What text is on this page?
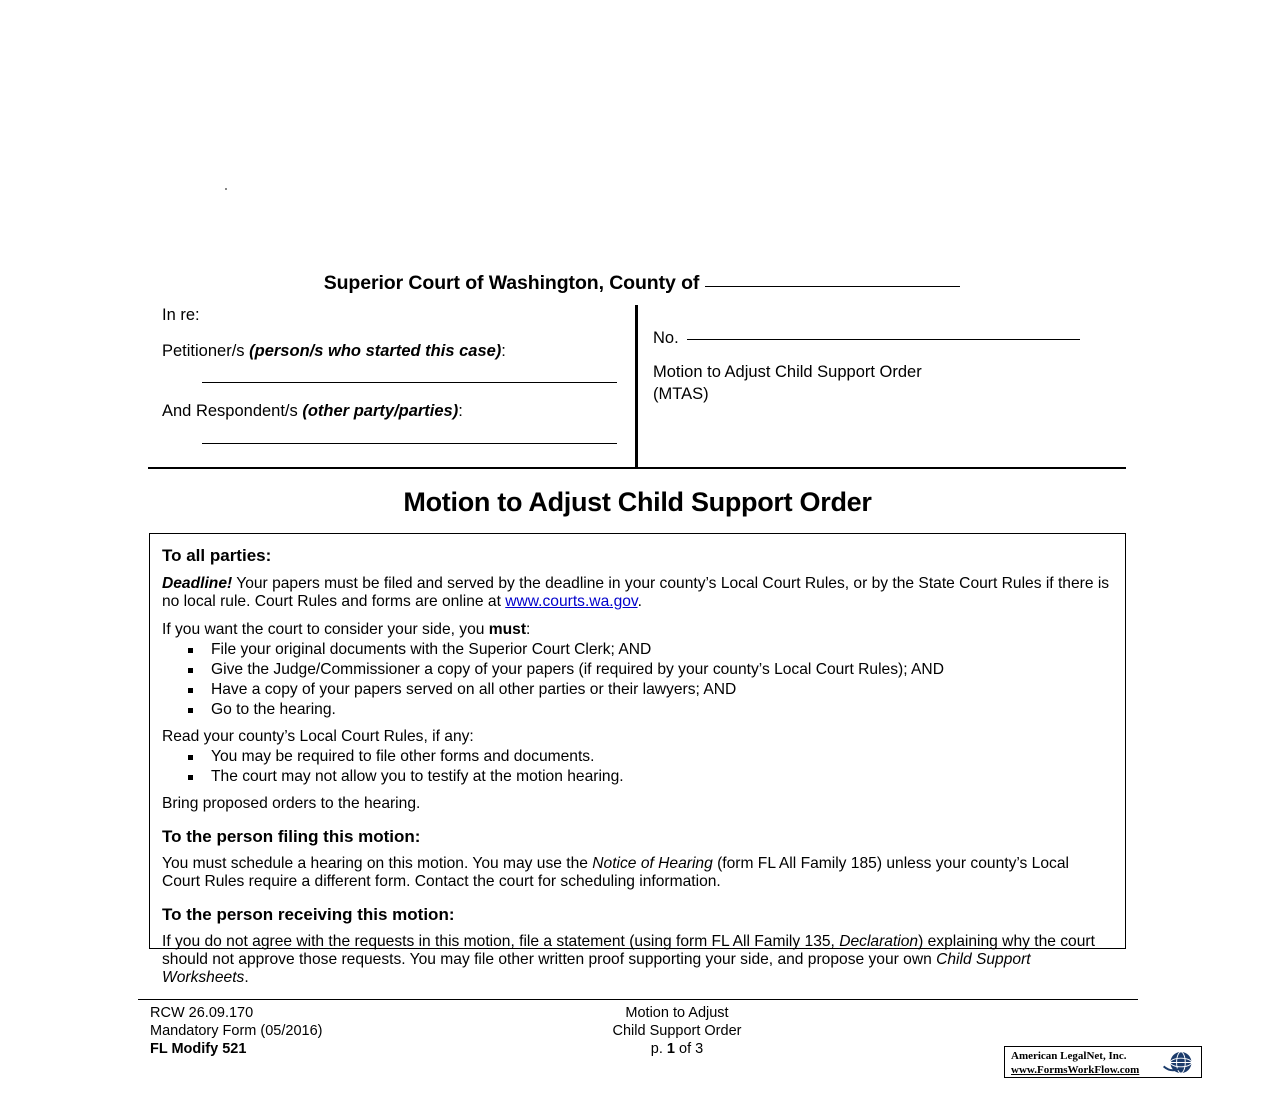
Superior Court of Washington, County of
In re:
Petitioner/s (person/s who started this case):
And Respondent/s (other party/parties):
No.
Motion to Adjust Child Support Order
(MTAS)
Motion to Adjust Child Support Order
To all parties:

Deadline! Your papers must be filed and served by the deadline in your county’s Local Court Rules, or by the State Court Rules if there is no local rule. Court Rules and forms are online at www.courts.wa.gov.

If you want the court to consider your side, you must:

File your original documents with the Superior Court Clerk; AND
Give the Judge/Commissioner a copy of your papers (if required by your county’s Local Court Rules); AND
Have a copy of your papers served on all other parties or their lawyers; AND
Go to the hearing.

Read your county’s Local Court Rules, if any:

You may be required to file other forms and documents.
The court may not allow you to testify at the motion hearing.

Bring proposed orders to the hearing.

To the person filing this motion:

You must schedule a hearing on this motion. You may use the Notice of Hearing (form FL All Family 185) unless your county’s Local Court Rules require a different form. Contact the court for scheduling information.

To the person receiving this motion:

If you do not agree with the requests in this motion, file a statement (using form FL All Family 135, Declaration) explaining why the court should not approve those requests. You may file other written proof supporting your side, and propose your own Child Support Worksheets.

RCW 26.09.170
Mandatory Form (05/2016)
FL Modify 521
Motion to Adjust
Child Support Order
p. 1 of 3	American LegalNet, Inc.
www.FormsWorkFlow.com
